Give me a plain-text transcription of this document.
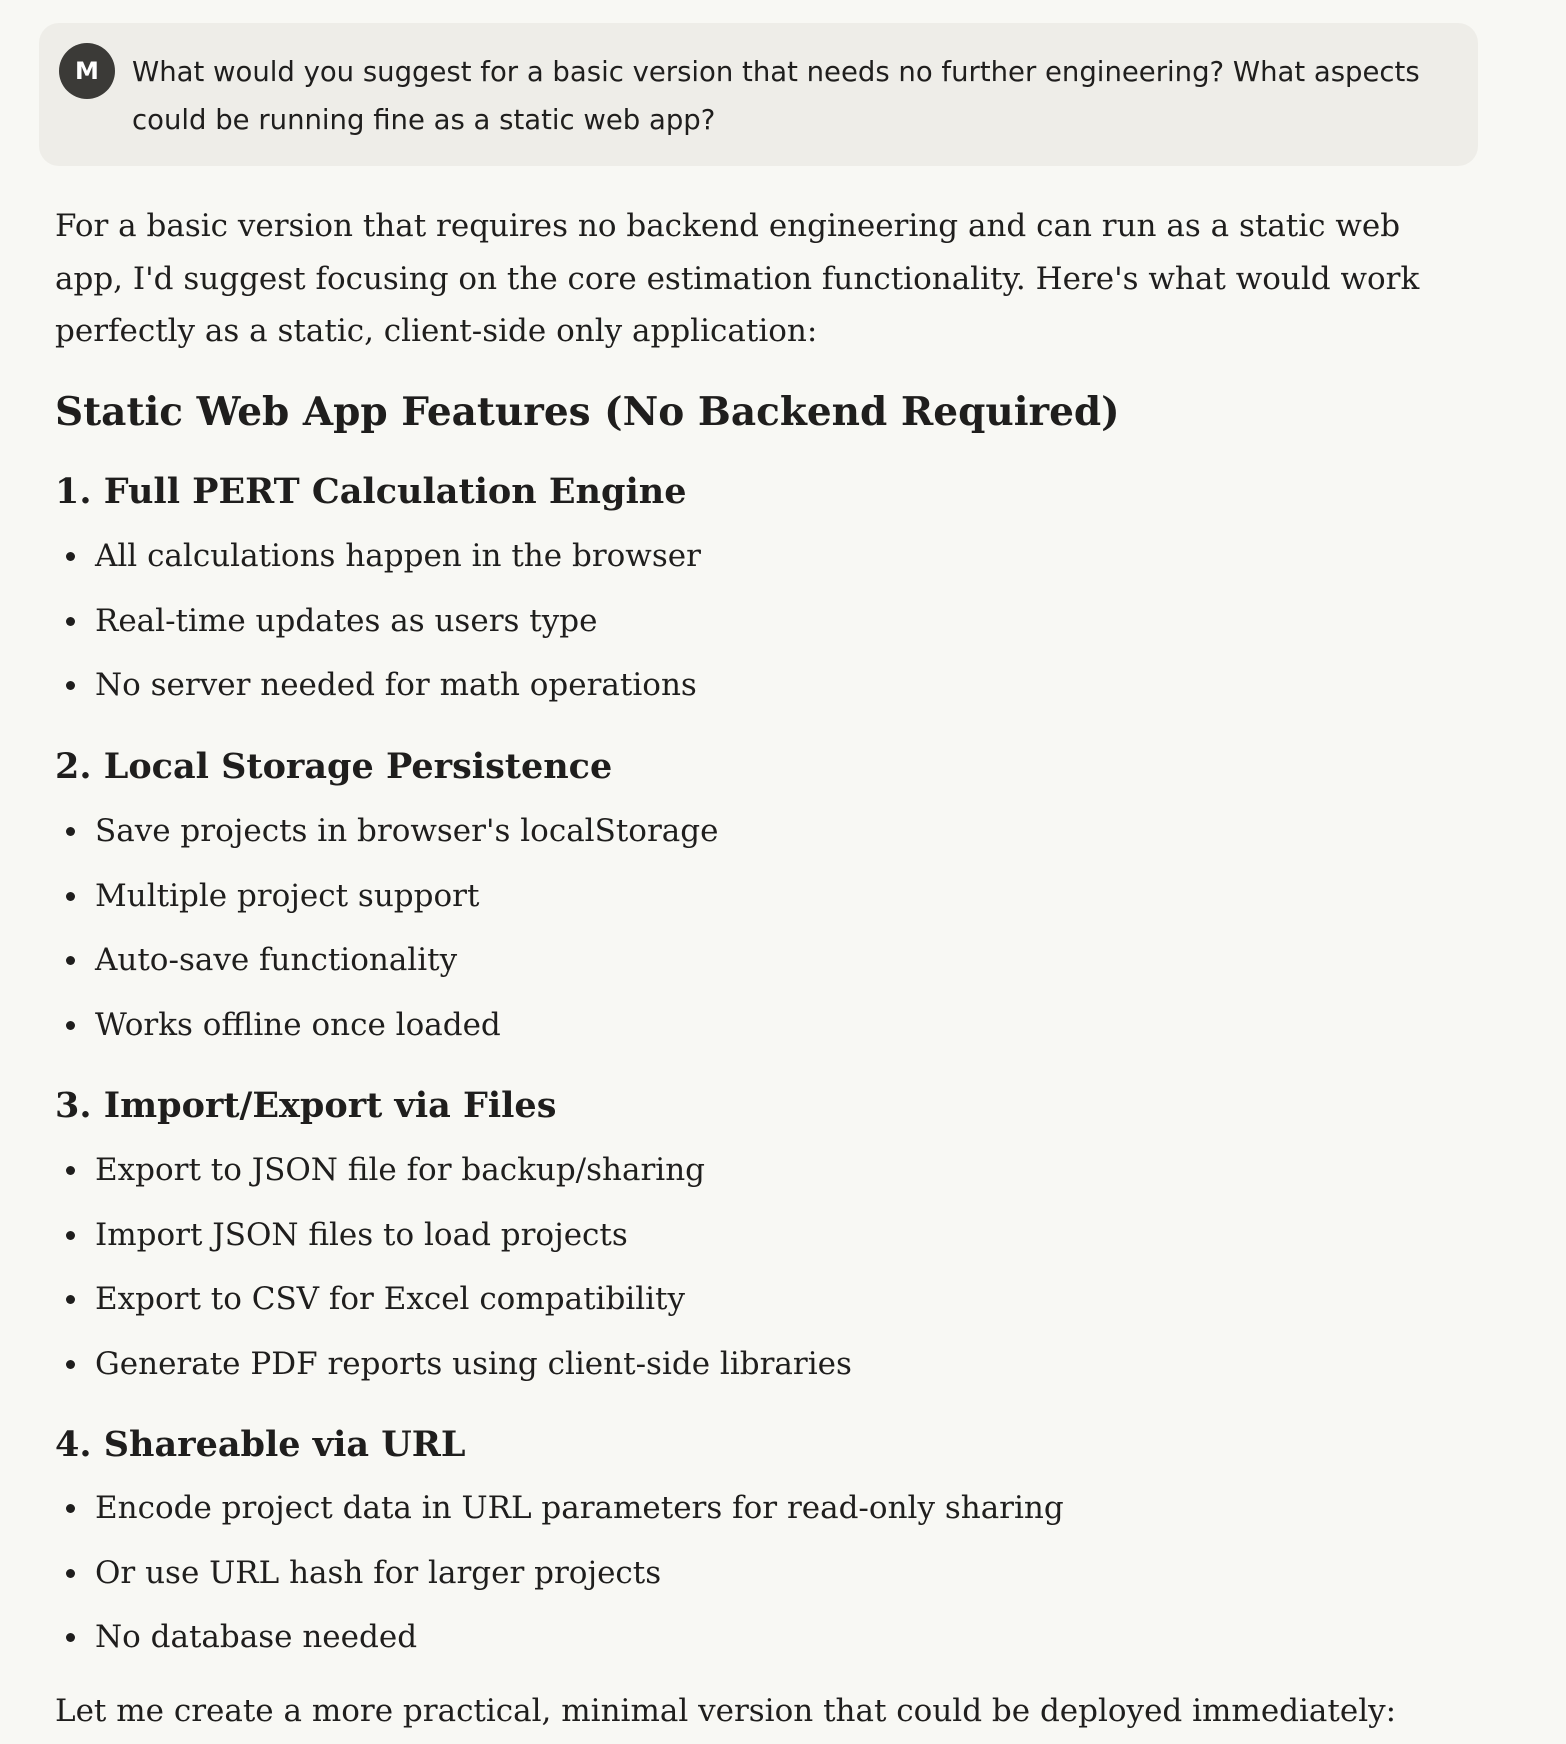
M	What would you suggest for a basic version that needs no further engineering? What aspects could be running fine as a static web app?

For a basic version that requires no backend engineering and can run as a static web app, I'd suggest focusing on the core estimation functionality. Here's what would work perfectly as a static, client-side only application:

Static Web App Features (No Backend Required)
1. Full PERT Calculation Engine
All calculations happen in the browser
Real-time updates as users type
No server needed for math operations
2. Local Storage Persistence
Save projects in browser's localStorage
Multiple project support
Auto-save functionality
Works offline once loaded
3. Import/Export via Files
Export to JSON file for backup/sharing
Import JSON files to load projects
Export to CSV for Excel compatibility
Generate PDF reports using client-side libraries
4. Shareable via URL
Encode project data in URL parameters for read-only sharing
Or use URL hash for larger projects
No database needed

Let me create a more practical, minimal version that could be deployed immediately:
